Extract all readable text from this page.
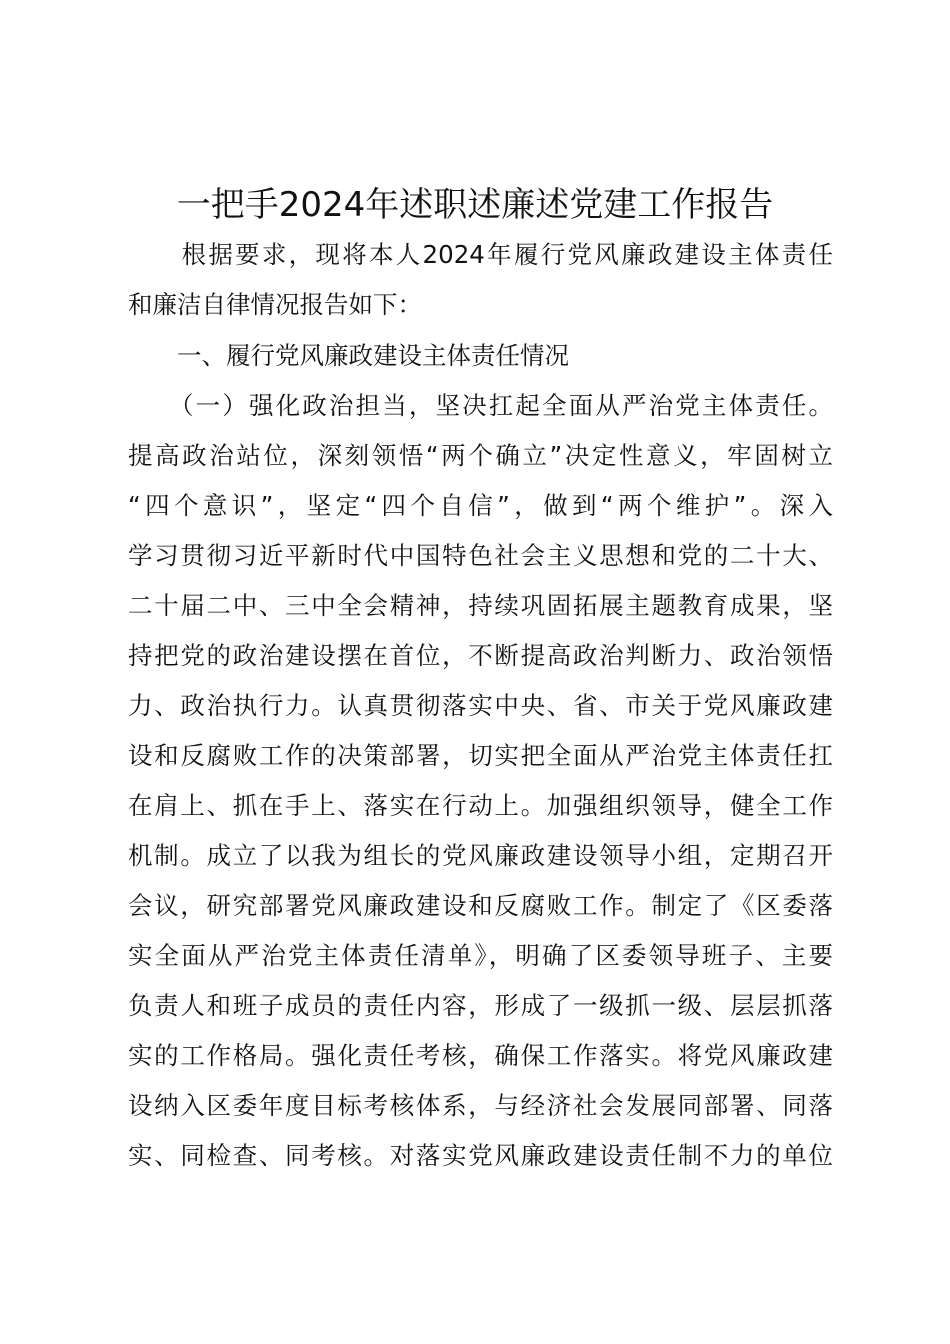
一把手2024年述职述廉述党建工作报告
　　根据要求，现将本人2024年履行党风廉政建设主体责任
和廉洁自律情况报告如下：
　　一、履行党风廉政建设主体责任情况
　　（一）强化政治担当，坚决扛起全面从严治党主体责任。
提高政治站位，深刻领悟“两个确立”决定性意义，牢固树立
“四个意识”，坚定“四个自信”，做到“两个维护”。深入
学习贯彻习近平新时代中国特色社会主义思想和党的二十大、
二十届二中、三中全会精神，持续巩固拓展主题教育成果，坚
持把党的政治建设摆在首位，不断提高政治判断力、政治领悟
力、政治执行力。认真贯彻落实中央、省、市关于党风廉政建
设和反腐败工作的决策部署，切实把全面从严治党主体责任扛
在肩上、抓在手上、落实在行动上。加强组织领导，健全工作
机制。成立了以我为组长的党风廉政建设领导小组，定期召开
会议，研究部署党风廉政建设和反腐败工作。制定了《区委落
实全面从严治党主体责任清单》，明确了区委领导班子、主要
负责人和班子成员的责任内容，形成了一级抓一级、层层抓落
实的工作格局。强化责任考核，确保工作落实。将党风廉政建
设纳入区委年度目标考核体系，与经济社会发展同部署、同落
实、同检查、同考核。对落实党风廉政建设责任制不力的单位
